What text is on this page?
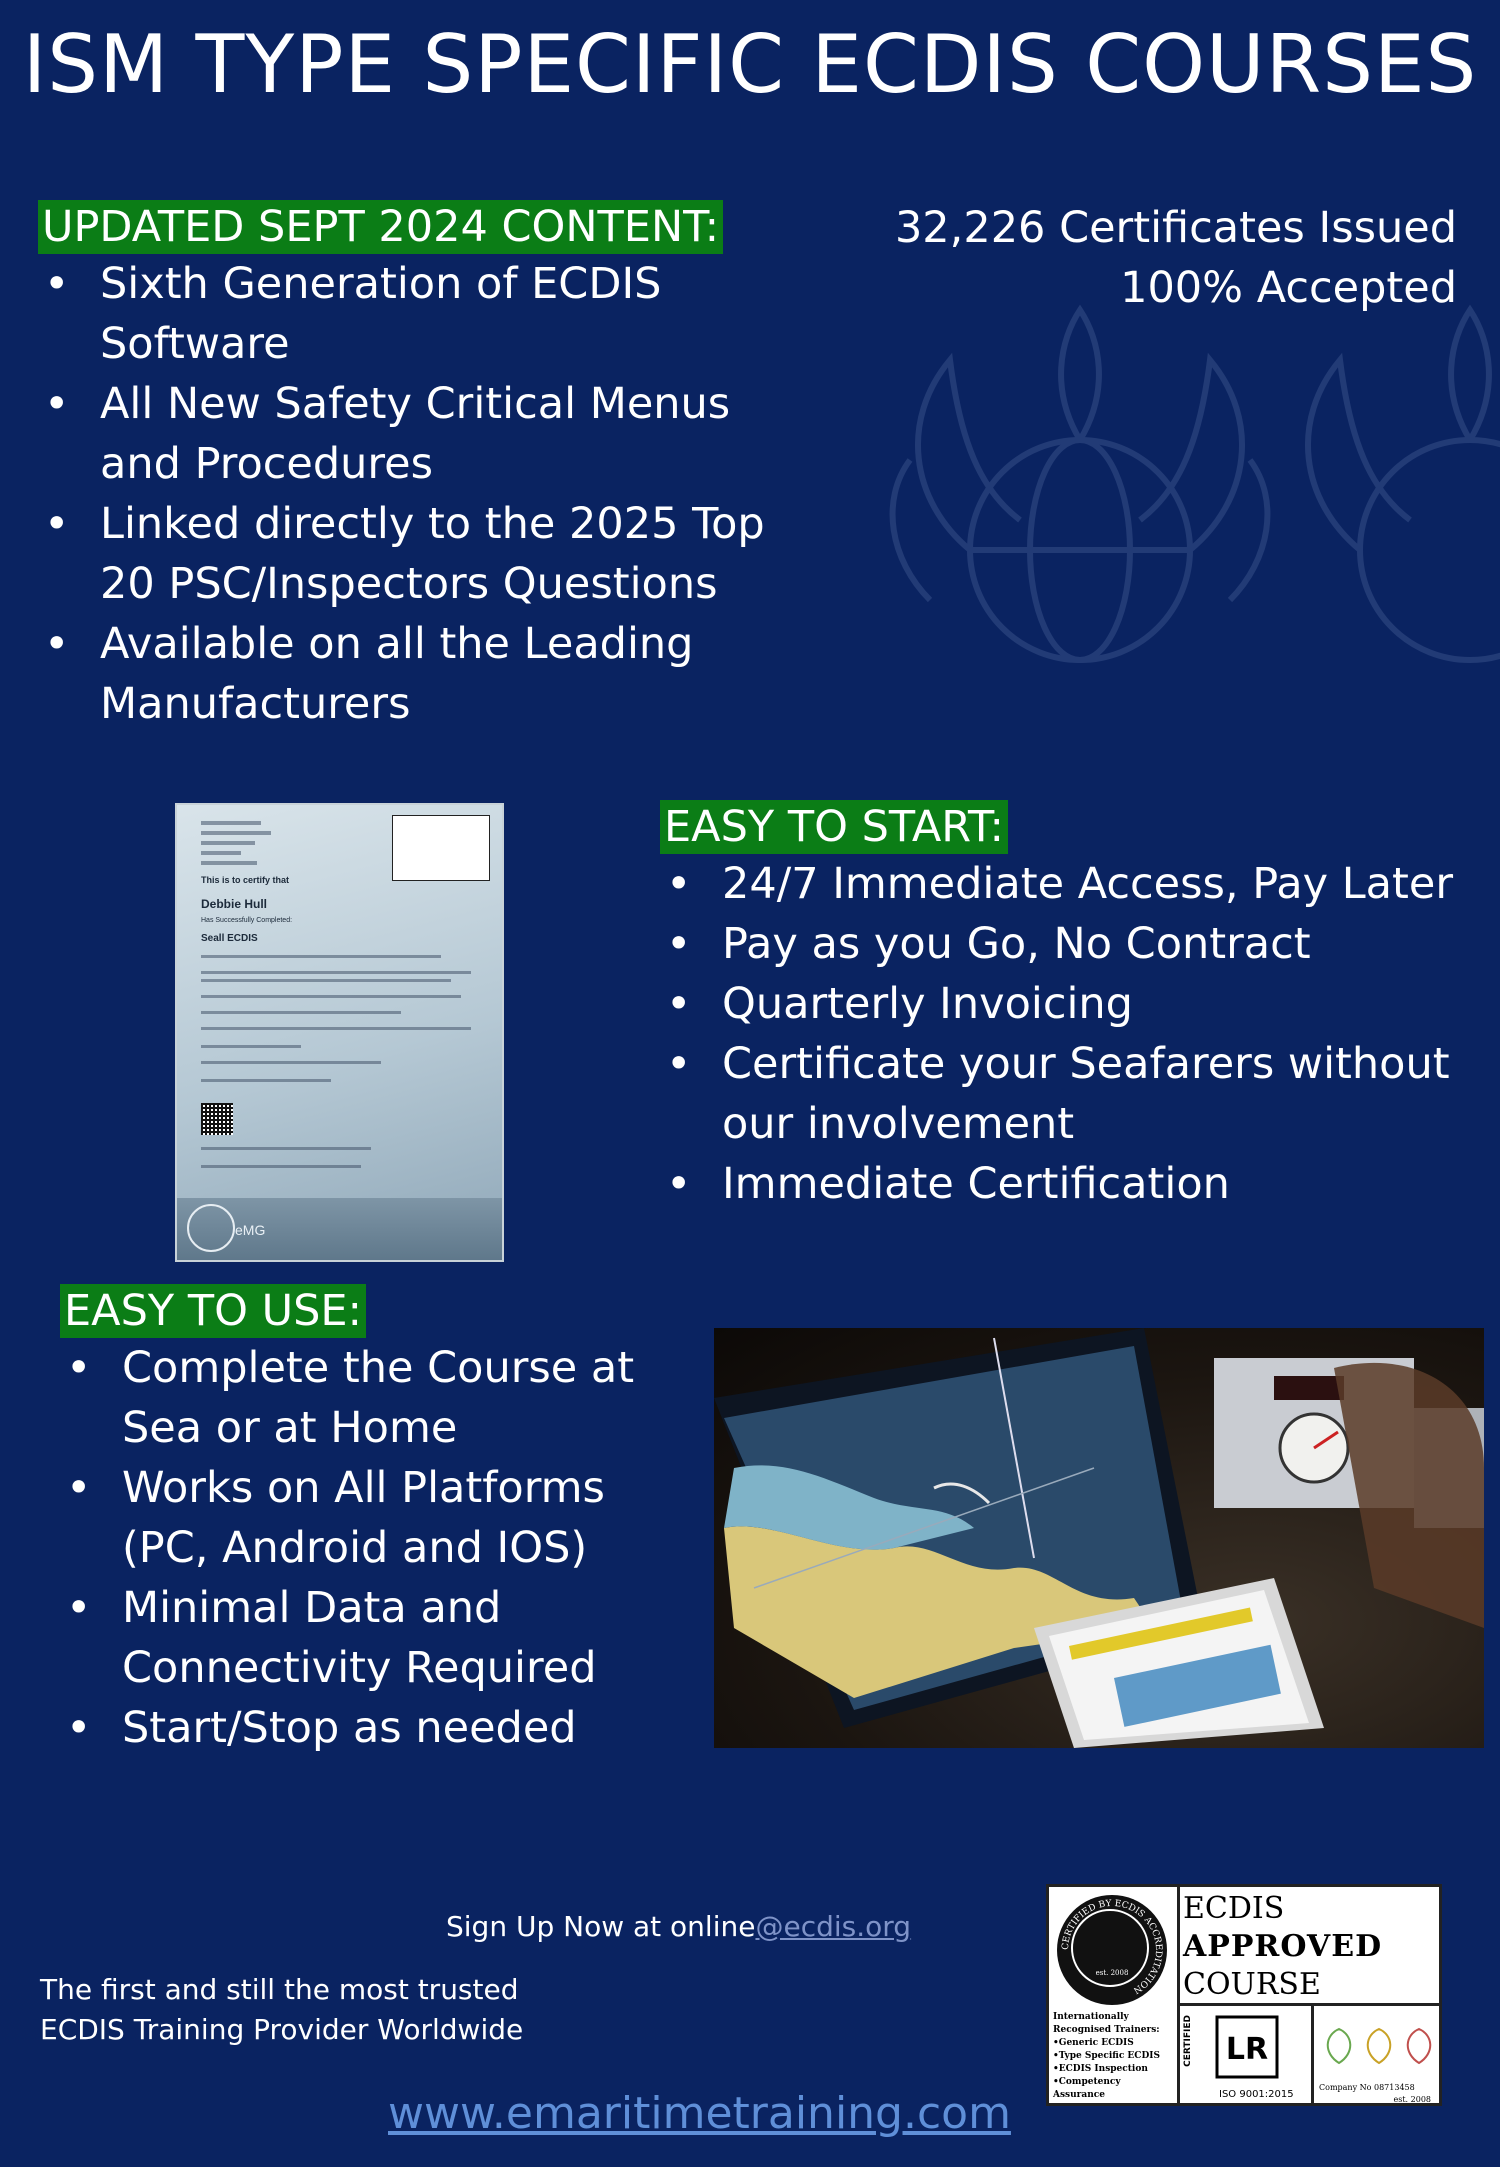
ISM TYPE SPECIFIC ECDIS COURSES
UPDATED SEPT 2024 CONTENT:
• Sixth Generation of ECDIS Software
• All New Safety Critical Menus and Procedures
• Linked directly to the 2025 Top 20 PSC/Inspectors Questions
• Available on all the Leading Manufacturers
32,226 Certificates Issued
100% Accepted
This is to certify that
Debbie Hull
Has Successfully Completed:
Seall ECDIS
eMG
EASY TO START:
• 24/7 Immediate Access, Pay Later
• Pay as you Go, No Contract
• Quarterly Invoicing
• Certificate your Seafarers without our involvement
• Immediate Certification
EASY TO USE:
• Complete the Course at Sea or at Home
• Works on All Platforms (PC, Android and IOS)
• Minimal Data and Connectivity Required
• Start/Stop as needed
Sign Up Now at online@ecdis.org
The first and still the most trusted ECDIS Training Provider Worldwide
www.emaritimetraining.com
CERTIFIED BY ECDIS ACCREDITATION
est. 2008
Internationally Recognised Trainers:
• Generic ECDIS
• Type Specific ECDIS
• ECDIS Inspection
• Competency Assurance
ECDIS
APPROVED
COURSE
CERTIFIED LR
ISO 9001:2015
Company No 08713458
est. 2008
